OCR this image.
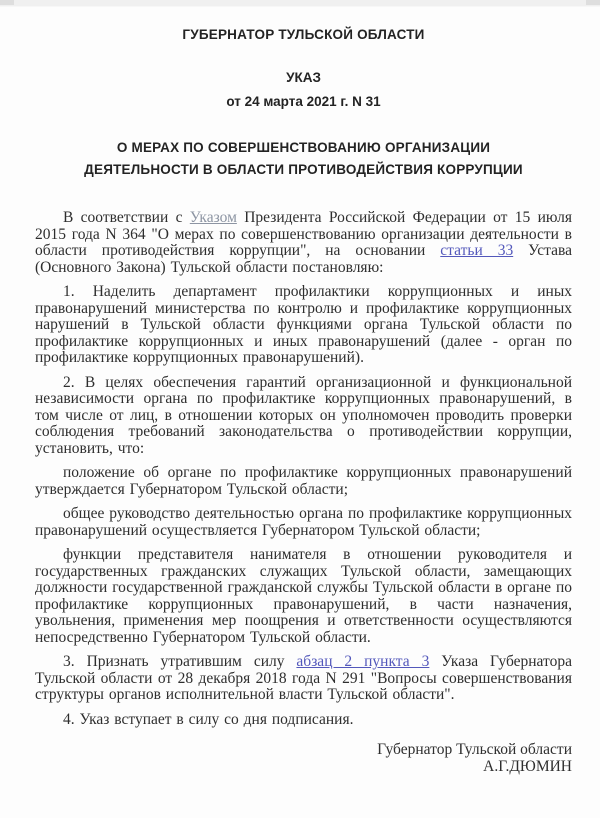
ГУБЕРНАТОР ТУЛЬСКОЙ ОБЛАСТИ
УКАЗ
от 24 марта 2021 г. N 31
О МЕРАХ ПО СОВЕРШЕНСТВОВАНИЮ ОРГАНИЗАЦИИ
ДЕЯТЕЛЬНОСТИ В ОБЛАСТИ ПРОТИВОДЕЙСТВИЯ КОРРУПЦИИ

В соответствии с Указом Президента Российской Федерации от 15 июля 2015 года N 364 "О мерах по совершенствованию организации деятельности в области противодействия коррупции", на основании статьи 33 Устава (Основного Закона) Тульской области постановляю:

1. Наделить департамент профилактики коррупционных и иных правонарушений министерства по контролю и профилактике коррупционных нарушений в Тульской области функциями органа Тульской области по профилактике коррупционных и иных правонарушений (далее - орган по профилактике коррупционных правонарушений).

2. В целях обеспечения гарантий организационной и функциональной независимости органа по профилактике коррупционных правонарушений, в том числе от лиц, в отношении которых он уполномочен проводить проверки соблюдения требований законодательства о противодействии коррупции, установить, что:

положение об органе по профилактике коррупционных правонарушений утверждается Губернатором Тульской области;

общее руководство деятельностью органа по профилактике коррупционных правонарушений осуществляется Губернатором Тульской области;

функции представителя нанимателя в отношении руководителя и государственных гражданских служащих Тульской области, замещающих должности государственной гражданской службы Тульской области в органе по профилактике коррупционных правонарушений, в части назначения, увольнения, применения мер поощрения и ответственности осуществляются непосредственно Губернатором Тульской области.

3. Признать утратившим силу абзац 2 пункта 3 Указа Губернатора Тульской области от 28 декабря 2018 года N 291 "Вопросы совершенствования структуры органов исполнительной власти Тульской области".

4. Указ вступает в силу со дня подписания.

Губернатор Тульской области
А.Г.ДЮМИН
